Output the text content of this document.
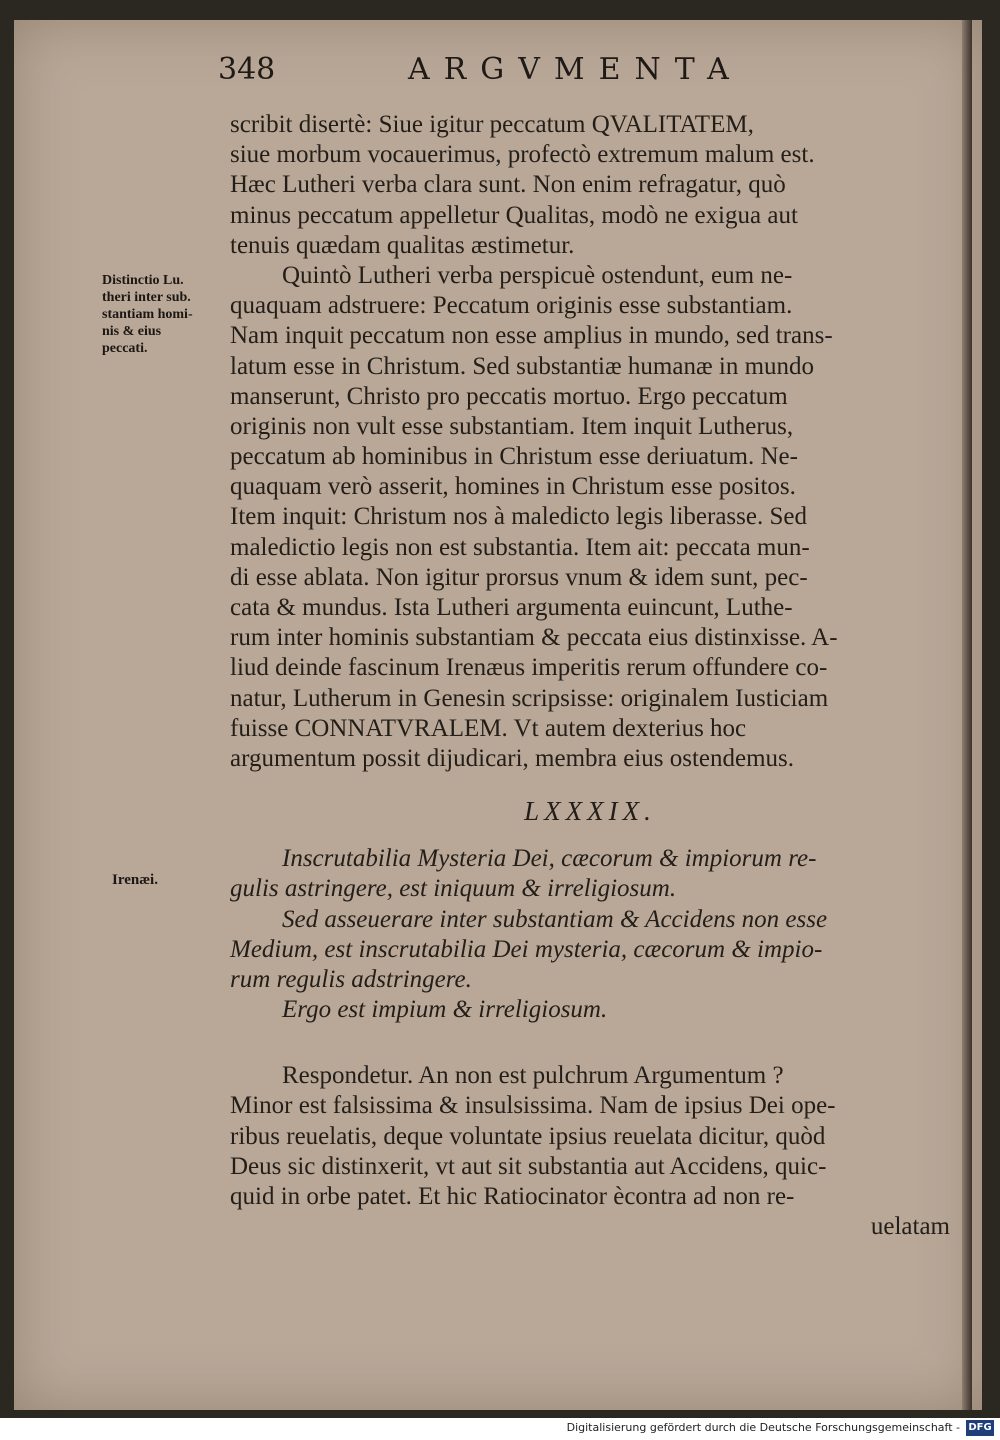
348	ARGVMENTA
Distinctio Lu.
theri inter sub.
stantiam homi-
nis & eius
peccati.
Irenæi.
scribit disertè: Siue igitur peccatum QVALITATEM,
siue morbum vocauerimus, profectò extremum malum est.
Hæc Lutheri verba clara sunt. Non enim refragatur, quò
minus peccatum appelletur Qualitas, modò ne exigua aut
tenuis quædam qualitas æstimetur.
Quintò Lutheri verba perspicuè ostendunt, eum ne-
quaquam adstruere: Peccatum originis esse substantiam.
Nam inquit peccatum non esse amplius in mundo, sed trans-
latum esse in Christum. Sed substantiæ humanæ in mundo
manserunt, Christo pro peccatis mortuo. Ergo peccatum
originis non vult esse substantiam. Item inquit Lutherus,
peccatum ab hominibus in Christum esse deriuatum. Ne-
quaquam verò asserit, homines in Christum esse positos.
Item inquit: Christum nos à maledicto legis liberasse. Sed
maledictio legis non est substantia. Item ait: peccata mun-
di esse ablata. Non igitur prorsus vnum & idem sunt, pec-
cata & mundus. Ista Lutheri argumenta euincunt, Luthe-
rum inter hominis substantiam & peccata eius distinxisse. A-
liud deinde fascinum Irenæus imperitis rerum offundere co-
natur, Lutherum in Genesin scripsisse: originalem Iusticiam
fuisse CONNATVRALEM. Vt autem dexterius hoc
argumentum possit dijudicari, membra eius ostendemus.
LXXXIX.
Inscrutabilia Mysteria Dei, cæcorum & impiorum re-
gulis astringere, est iniquum & irreligiosum.
Sed asseuerare inter substantiam & Accidens non esse
Medium, est inscrutabilia Dei mysteria, cæcorum & impio-
rum regulis adstringere.
Ergo est impium & irreligiosum.
Respondetur. An non est pulchrum Argumentum ?
Minor est falsissima & insulsissima. Nam de ipsius Dei ope-
ribus reuelatis, deque voluntate ipsius reuelata dicitur, quòd
Deus sic distinxerit, vt aut sit substantia aut Accidens, quic-
quid in orbe patet. Et hic Ratiocinator ècontra ad non re-
uelatam
Digitalisierung gefördert durch die Deutsche Forschungsgemeinschaft - DFG
